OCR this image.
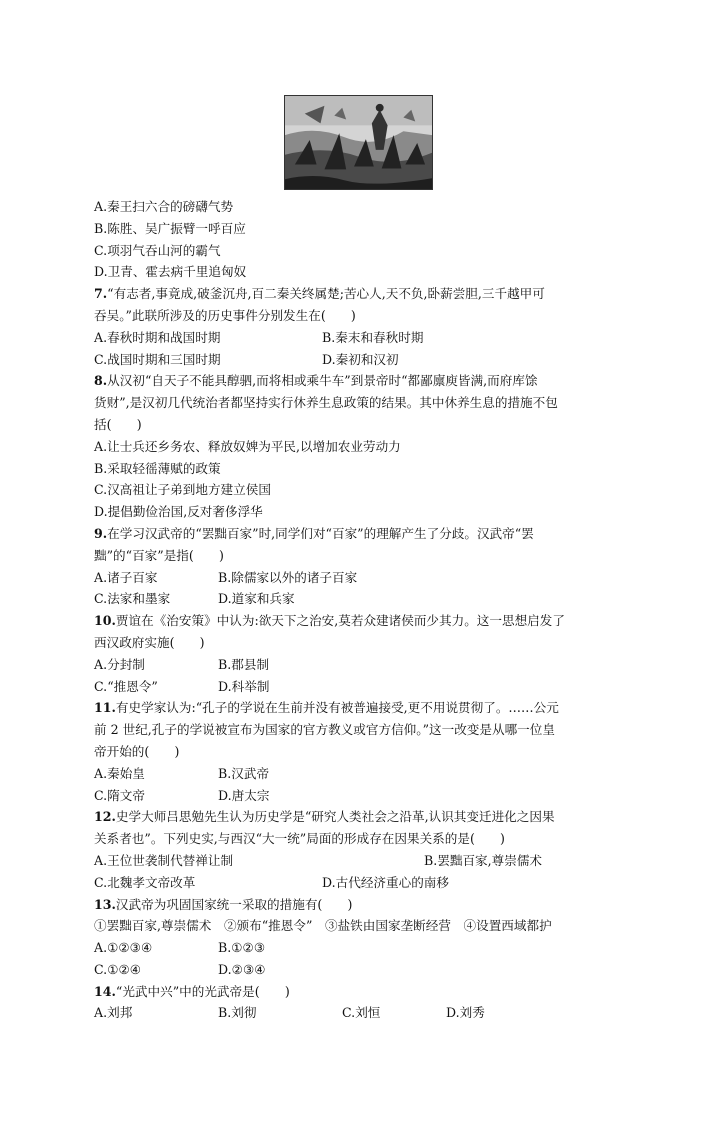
A.秦王扫六合的磅礴气势
B.陈胜、吴广振臂一呼百应
C.项羽气吞山河的霸气
D.卫青、霍去病千里追匈奴
7.“有志者,事竟成,破釜沉舟,百二秦关终属楚;苦心人,天不负,卧薪尝胆,三千越甲可
吞吴。”此联所涉及的历史事件分别发生在(　　)
A.春秋时期和战国时期	B.秦末和春秋时期
C.战国时期和三国时期	D.秦初和汉初
8.从汉初“自天子不能具醇驷,而将相或乘牛车”到景帝时“都鄙廪庾皆满,而府库馀
货财”,是汉初几代统治者都坚持实行休养生息政策的结果。其中休养生息的措施不包
括(　　)
A.让士兵还乡务农、释放奴婢为平民,以增加农业劳动力
B.采取轻徭薄赋的政策
C.汉高祖让子弟到地方建立侯国
D.提倡勤俭治国,反对奢侈浮华
9.在学习汉武帝的“罢黜百家”时,同学们对“百家”的理解产生了分歧。汉武帝“罢
黜”的“百家”是指(　　)
A.诸子百家	B.除儒家以外的诸子百家
C.法家和墨家	D.道家和兵家
10.贾谊在《治安策》中认为:欲天下之治安,莫若众建诸侯而少其力。这一思想启发了
西汉政府实施(　　)
A.分封制	B.郡县制
C.“推恩令”	D.科举制
11.有史学家认为:“孔子的学说在生前并没有被普遍接受,更不用说贯彻了。……公元
前 2 世纪,孔子的学说被宣布为国家的官方教义或官方信仰。”这一改变是从哪一位皇
帝开始的(　　)
A.秦始皇	B.汉武帝
C.隋文帝	D.唐太宗
12.史学大师吕思勉先生认为历史学是“研究人类社会之沿革,认识其变迁进化之因果
关系者也”。下列史实,与西汉“大一统”局面的形成存在因果关系的是(　　)
A.王位世袭制代替禅让制	B.罢黜百家,尊崇儒术
C.北魏孝文帝改革	D.古代经济重心的南移
13.汉武帝为巩固国家统一采取的措施有(　　)
①罢黜百家,尊崇儒术　②颁布“推恩令”　③盐铁由国家垄断经营　④设置西域都护
A.①②③④	B.①②③
C.①②④	D.②③④
14.“光武中兴”中的光武帝是(　　)
A.刘邦	B.刘彻	C.刘恒	D.刘秀
